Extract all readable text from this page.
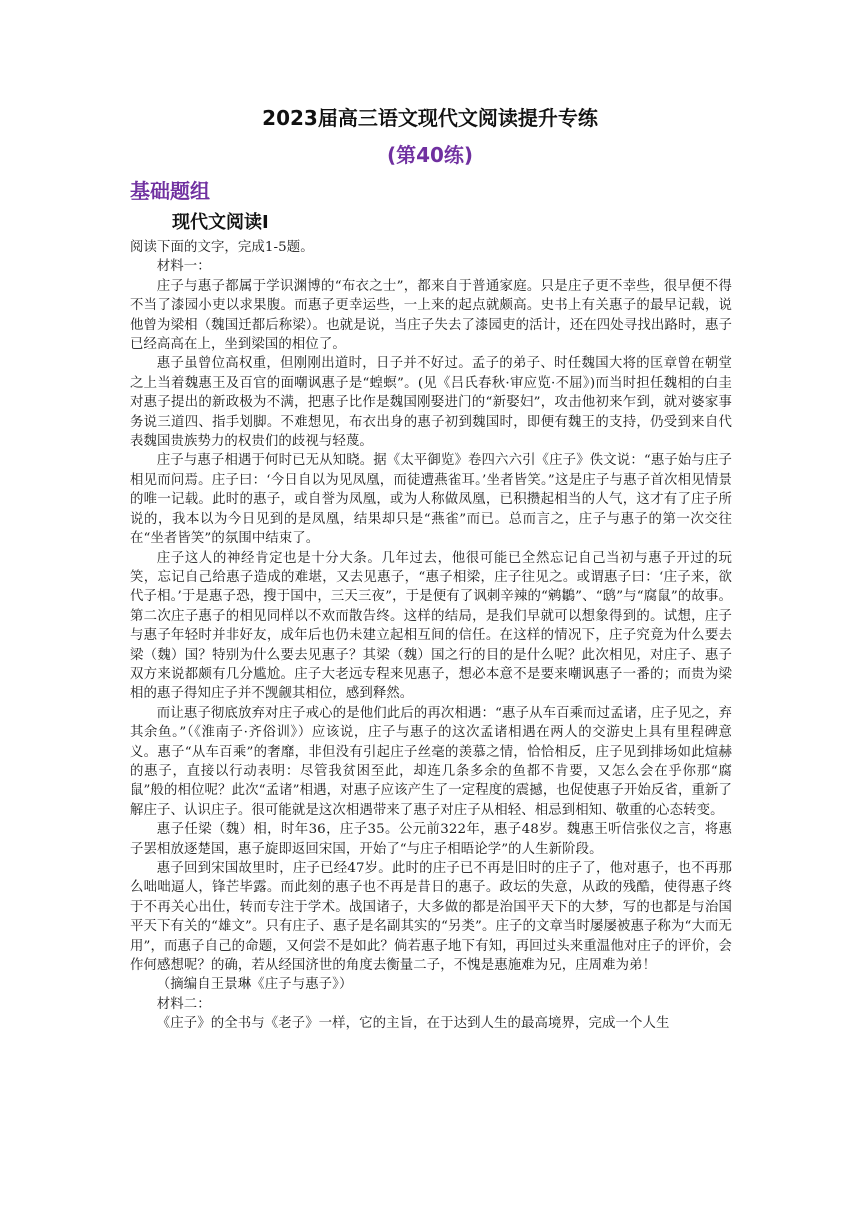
2023届高三语文现代文阅读提升专练
(第40练)
基础题组
现代文阅读Ⅰ

阅读下面的文字，完成1-5题。

材料一：

庄子与惠子都属于学识渊博的“布衣之士”，都来自于普通家庭。只是庄子更不幸些，很早便不得不当了漆园小吏以求果腹。而惠子更幸运些，一上来的起点就颇高。史书上有关惠子的最早记载，说他曾为梁相（魏国迁都后称梁）。也就是说，当庄子失去了漆园吏的活计，还在四处寻找出路时，惠子已经高高在上，坐到梁国的相位了。

惠子虽曾位高权重，但刚刚出道时，日子并不好过。孟子的弟子、时任魏国大将的匡章曾在朝堂之上当着魏惠王及百官的面嘲讽惠子是“蝗螟”。(见《吕氏春秋·审应览·不屈》)而当时担任魏相的白圭对惠子提出的新政极为不满，把惠子比作是魏国刚娶进门的“新娶妇”，攻击他初来乍到，就对婆家事务说三道四、指手划脚。不难想见，布衣出身的惠子初到魏国时，即便有魏王的支持，仍受到来自代表魏国贵族势力的权贵们的歧视与轻蔑。

庄子与惠子相遇于何时已无从知晓。据《太平御览》卷四六六引《庄子》佚文说：“惠子始与庄子相见而问焉。庄子曰：‘今日自以为见凤凰，而徒遭燕雀耳。’坐者皆笑。”这是庄子与惠子首次相见情景的唯一记载。此时的惠子，或自誉为凤凰，或为人称做凤凰，已积攒起相当的人气，这才有了庄子所说的，我本以为今日见到的是凤凰，结果却只是“燕雀”而已。总而言之，庄子与惠子的第一次交往在“坐者皆笑”的氛围中结束了。

庄子这人的神经肯定也是十分大条。几年过去，他很可能已全然忘记自己当初与惠子开过的玩笑，忘记自己给惠子造成的难堪，又去见惠子，“惠子相梁，庄子往见之。或谓惠子曰：‘庄子来，欲代子相。’于是惠子恐，搜于国中，三天三夜”，于是便有了讽刺辛辣的“鹓鶵”、“鸱”与“腐鼠”的故事。第二次庄子惠子的相见同样以不欢而散告终。这样的结局，是我们早就可以想象得到的。试想，庄子与惠子年轻时并非好友，成年后也仍未建立起相互间的信任。在这样的情况下，庄子究竟为什么要去梁（魏）国？特别为什么要去见惠子？其梁（魏）国之行的目的是什么呢？此次相见，对庄子、惠子双方来说都颇有几分尴尬。庄子大老远专程来见惠子，想必本意不是要来嘲讽惠子一番的；而贵为梁相的惠子得知庄子并不觊觎其相位，感到释然。

而让惠子彻底放弃对庄子戒心的是他们此后的再次相遇：“惠子从车百乘而过孟诸，庄子见之，弃其余鱼。”（《淮南子·齐俗训》）应该说，庄子与惠子的这次孟诸相遇在两人的交游史上具有里程碑意义。惠子“从车百乘”的奢靡，非但没有引起庄子丝毫的羡慕之情，恰恰相反，庄子见到排场如此煊赫的惠子，直接以行动表明：尽管我贫困至此，却连几条多余的鱼都不肯要，又怎么会在乎你那“腐鼠”般的相位呢？此次“孟诸”相遇，对惠子应该产生了一定程度的震撼，也促使惠子开始反省，重新了解庄子、认识庄子。很可能就是这次相遇带来了惠子对庄子从相轻、相忌到相知、敬重的心态转变。

惠子任梁（魏）相，时年36，庄子35。公元前322年，惠子48岁。魏惠王听信张仪之言，将惠子罢相放逐楚国，惠子旋即返回宋国，开始了“与庄子相晤论学”的人生新阶段。

惠子回到宋国故里时，庄子已经47岁。此时的庄子已不再是旧时的庄子了，他对惠子，也不再那么咄咄逼人，锋芒毕露。而此刻的惠子也不再是昔日的惠子。政坛的失意，从政的残酷，使得惠子终于不再关心出仕，转而专注于学术。战国诸子，大多做的都是治国平天下的大梦，写的也都是与治国平天下有关的“雄文”。只有庄子、惠子是名副其实的“另类”。庄子的文章当时屡屡被惠子称为“大而无用”，而惠子自己的命题，又何尝不是如此？倘若惠子地下有知，再回过头来重温他对庄子的评价，会作何感想呢？的确，若从经国济世的角度去衡量二子，不愧是惠施难为兄，庄周难为弟！

（摘编自王景琳《庄子与惠子》）

材料二：

《庄子》的全书与《老子》一样，它的主旨，在于达到人生的最高境界，完成一个人生
